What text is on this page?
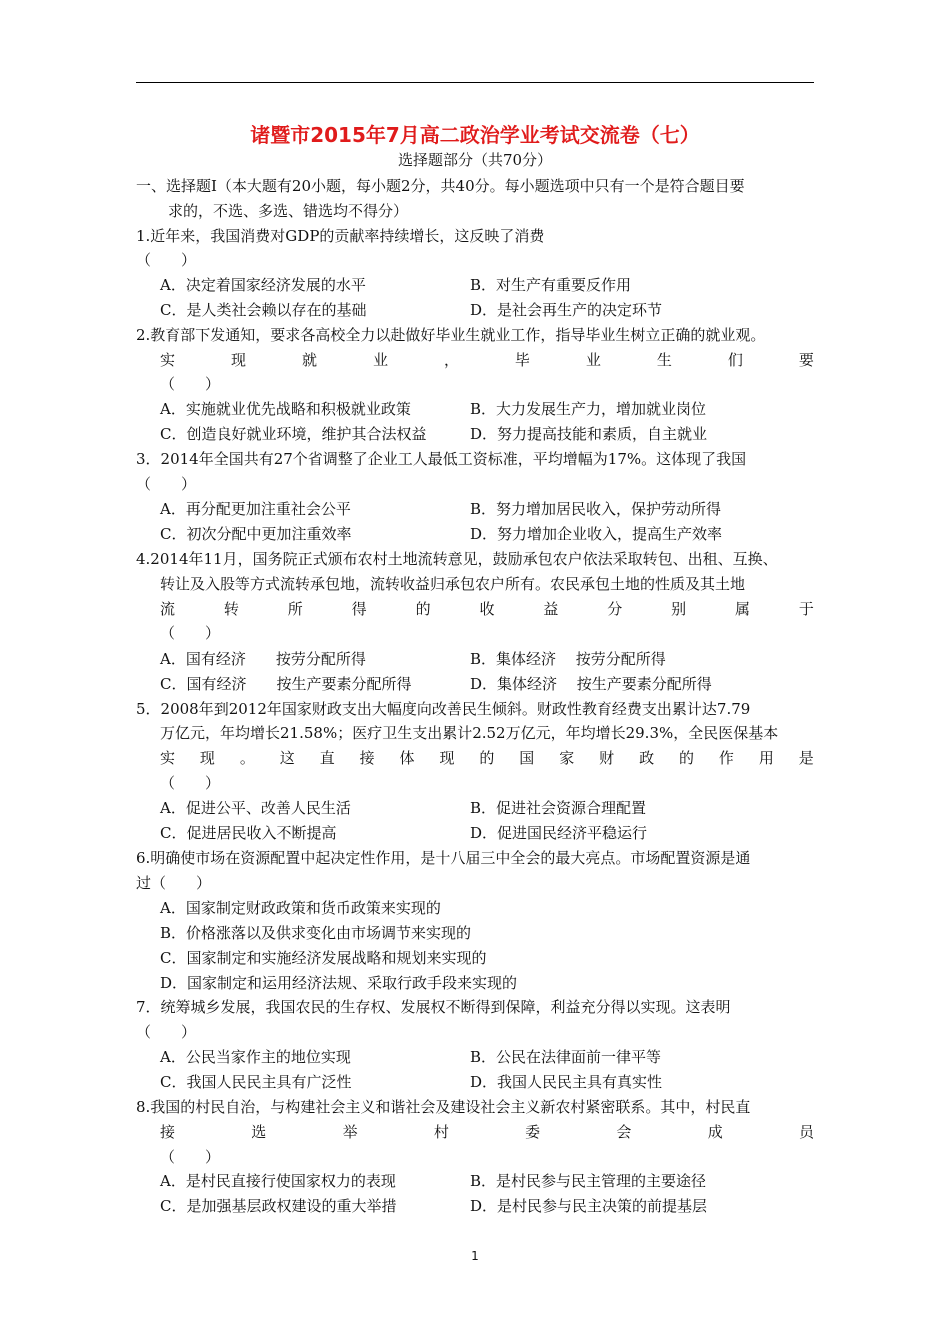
诸暨市2015年7月高二政治学业考试交流卷（七）
选择题部分（共70分）
一、选择题Ⅰ（本大题有20小题，每小题2分，共40分。每小题选项中只有一个是符合题目要
求的，不选、多选、错选均不得分）
1.近年来，我国消费对GDP的贡献率持续增长，这反映了消费
（　　）
A．决定着国家经济发展的水平	B．对生产有重要反作用
C．是人类社会赖以存在的基础	D．是社会再生产的决定环节
2.教育部下发通知，要求各高校全力以赴做好毕业生就业工作，指导毕业生树立正确的就业观。
实	现	就	业	，	毕	业	生	们	要
（　　）
A．实施就业优先战略和积极就业政策	B．大力发展生产力，增加就业岗位
C．创造良好就业环境，维护其合法权益	D．努力提高技能和素质，自主就业
3．2014年全国共有27个省调整了企业工人最低工资标准，平均增幅为17%。这体现了我国
（　　）
A．再分配更加注重社会公平	B．努力增加居民收入，保护劳动所得
C．初次分配中更加注重效率	D．努力增加企业收入，提高生产效率
4.2014年11月，国务院正式颁布农村土地流转意见，鼓励承包农户依法采取转包、出租、互换、
转让及入股等方式流转承包地，流转收益归承包农户所有。农民承包土地的性质及其土地
流	转	所	得	的	收	益	分	别	属	于
（　　）
A．国有经济　　按劳分配所得	B．集体经济　 按劳分配所得
C．国有经济　　按生产要素分配所得	D．集体经济　 按生产要素分配所得
5．2008年到2012年国家财政支出大幅度向改善民生倾斜。财政性教育经费支出累计达7.79
万亿元，年均增长21.58%；医疗卫生支出累计2.52万亿元，年均增长29.3%，全民医保基本
实 现 。 这 直 接 体 现 的 国 家 财 政 的 作 用 是
（　　）
A．促进公平、改善人民生活	B．促进社会资源合理配置
C．促进居民收入不断提高	D．促进国民经济平稳运行
6.明确使市场在资源配置中起决定性作用，是十八届三中全会的最大亮点。市场配置资源是通
过（　　）
A．国家制定财政政策和货币政策来实现的
B．价格涨落以及供求变化由市场调节来实现的
C．国家制定和实施经济发展战略和规划来实现的
D．国家制定和运用经济法规、采取行政手段来实现的
7．统筹城乡发展，我国农民的生存权、发展权不断得到保障，利益充分得以实现。这表明
（　　）
A．公民当家作主的地位实现	B．公民在法律面前一律平等
C．我国人民民主具有广泛性	D．我国人民民主具有真实性
8.我国的村民自治，与构建社会主义和谐社会及建设社会主义新农村紧密联系。其中，村民直
接	选	举	村	委	会	成	员
（　　）
A．是村民直接行使国家权力的表现	B．是村民参与民主管理的主要途径
C．是加强基层政权建设的重大举措	D．是村民参与民主决策的前提基层
1
